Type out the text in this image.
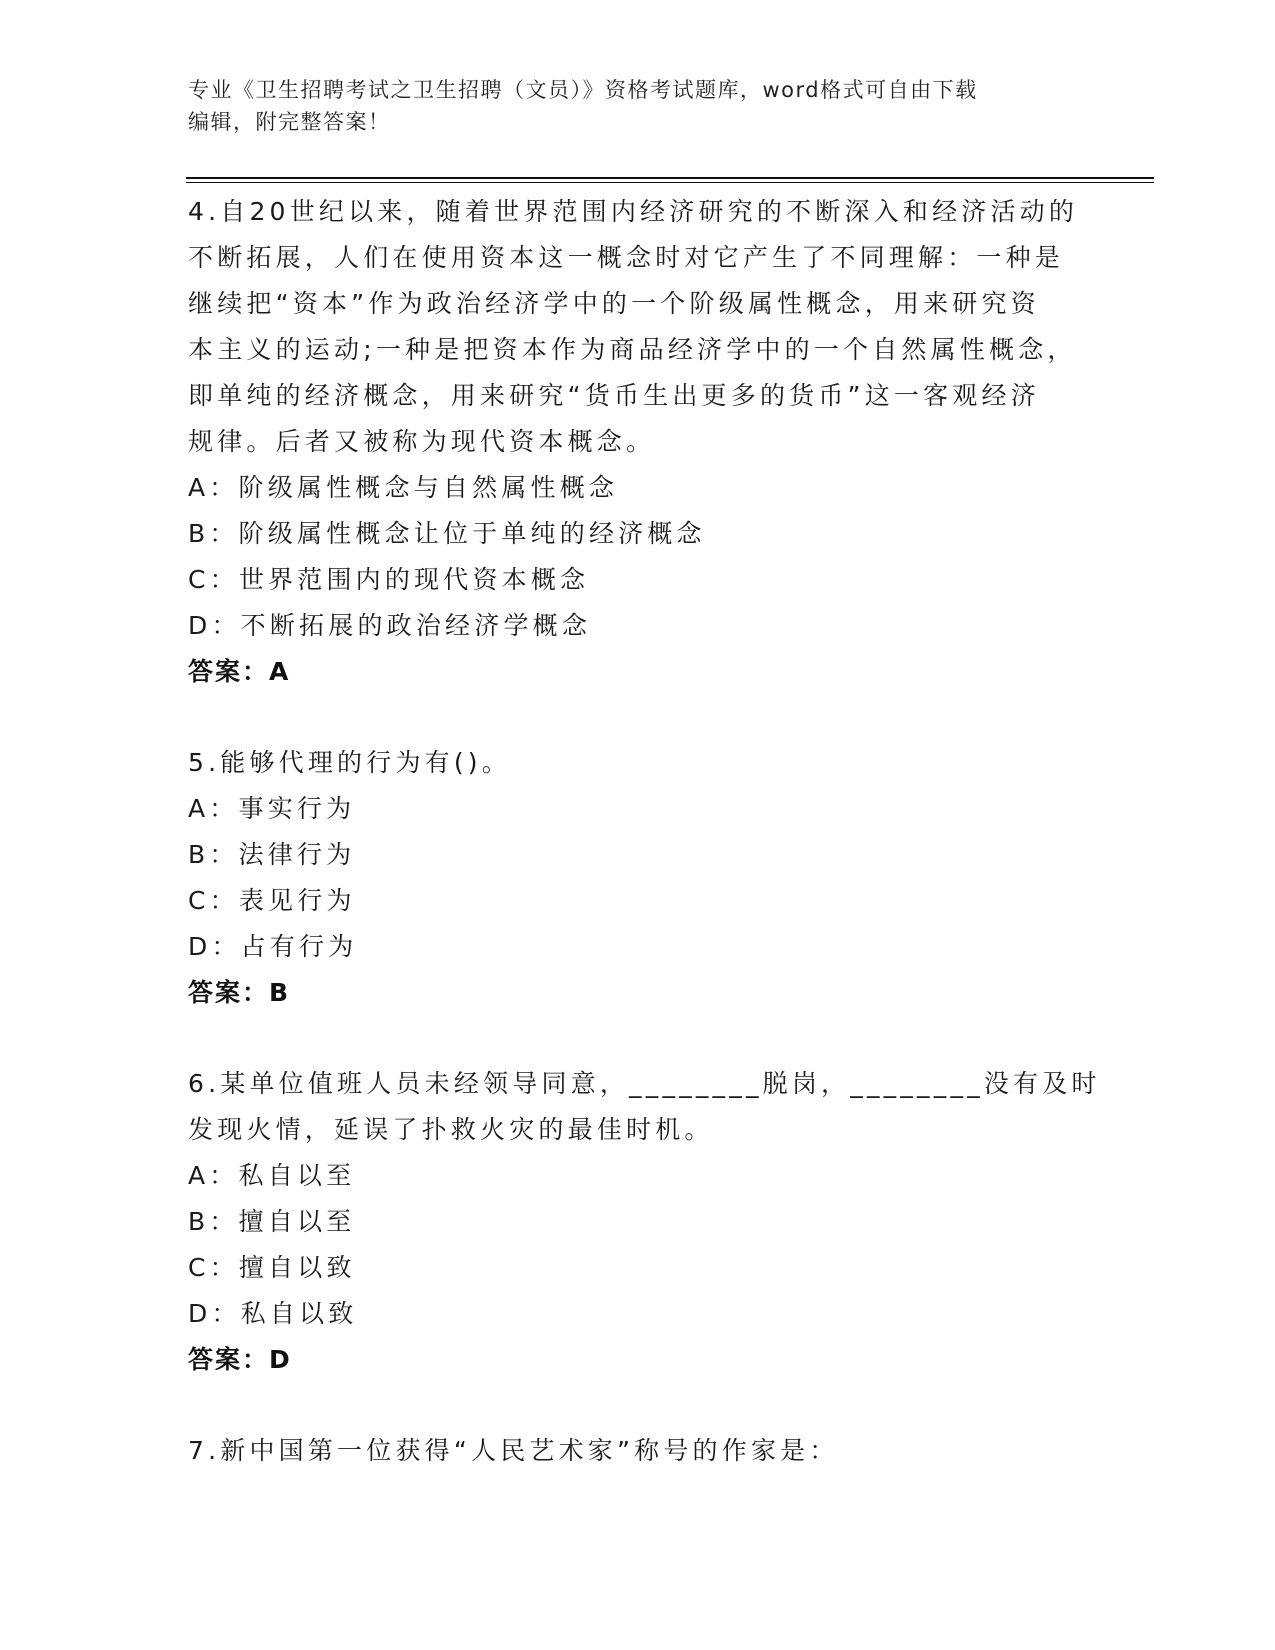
专业《卫生招聘考试之卫生招聘（文员）》资格考试题库，word格式可自由下载
编辑，附完整答案！
4.自20世纪以来，随着世界范围内经济研究的不断深入和经济活动的
不断拓展，人们在使用资本这一概念时对它产生了不同理解：一种是
继续把“资本”作为政治经济学中的一个阶级属性概念，用来研究资
本主义的运动;一种是把资本作为商品经济学中的一个自然属性概念，
即单纯的经济概念，用来研究“货币生出更多的货币”这一客观经济
规律。后者又被称为现代资本概念。
A：阶级属性概念与自然属性概念
B：阶级属性概念让位于单纯的经济概念
C：世界范围内的现代资本概念
D：不断拓展的政治经济学概念
答案：A
5.能够代理的行为有()。
A：事实行为
B：法律行为
C：表见行为
D：占有行为
答案：B
6.某单位值班人员未经领导同意，________脱岗，________没有及时
发现火情，延误了扑救火灾的最佳时机。
A：私自以至
B：擅自以至
C：擅自以致
D：私自以致
答案：D
7.新中国第一位获得“人民艺术家”称号的作家是：
